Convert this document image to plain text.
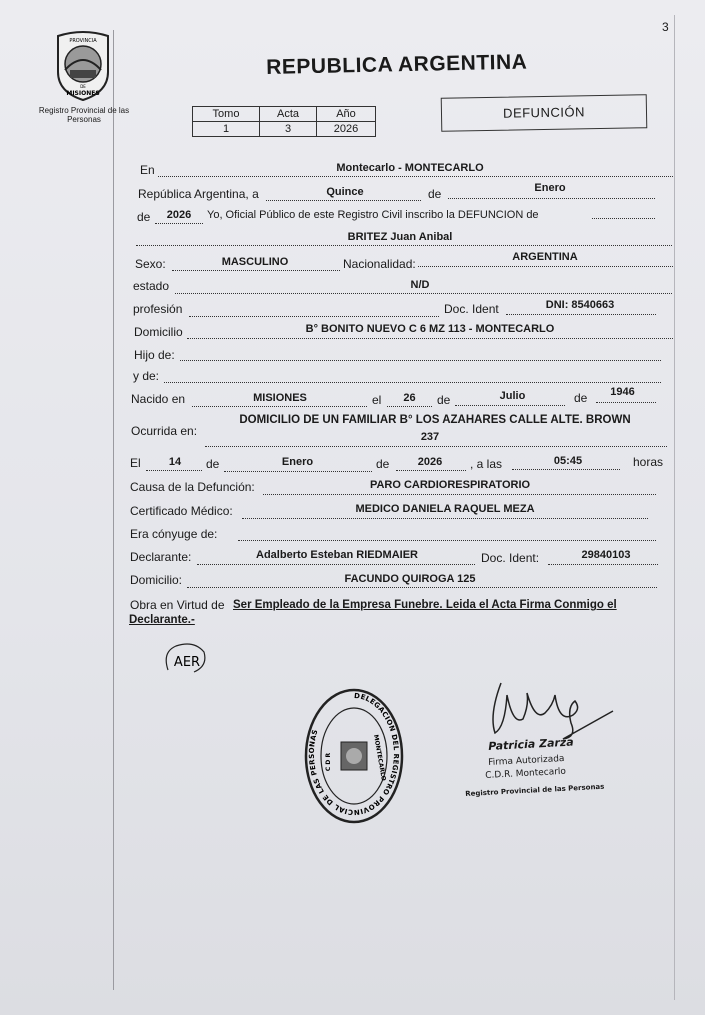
3
PROVINCIA
DE
MISIONES
Registro Provincial de las Personas
REPUBLICA ARGENTINA
Tomo	Acta	Año
1	3	2026
DEFUNCIÓN
En	Montecarlo - MONTECARLO
República Argentina, a	Quince	de	Enero
de	2026	Yo, Oficial Público de este Registro Civil inscribo la DEFUNCION de
BRITEZ Juan Anibal
Sexo:	MASCULINO	Nacionalidad:	ARGENTINA
estado	N/D
profesión	Doc. Ident	DNI: 8540663
Domicilio	B° BONITO NUEVO C 6 MZ 113 - MONTECARLO
Hijo de:
y de:
Nacido en	MISIONES	el	26	de	Julio	de	1946
Ocurrida en:
DOMICILIO DE UN FAMILIAR B° LOS AZAHARES CALLE ALTE. BROWN
237
El	14	de	Enero	de	2026	, a las	05:45	horas
Causa de la Defunción:	PARO CARDIORESPIRATORIO
Certificado Médico:	MEDICO DANIELA RAQUEL MEZA
Era cónyuge de:
Declarante:	Adalberto Esteban RIEDMAIER	Doc. Ident:	29840103
Domicilio:	FACUNDO QUIROGA 125
Obra en Virtud de Ser Empleado de la Empresa Funebre. Leida el Acta Firma Conmigo el
Declarante.-
AER
DELEGACION DEL REGISTRO PROVINCIAL DE LAS PERSONAS
C D R	MONTECARLO	Patricia Zarza
Firma Autorizada
C.D.R. Montecarlo
Registro Provincial de las Personas
